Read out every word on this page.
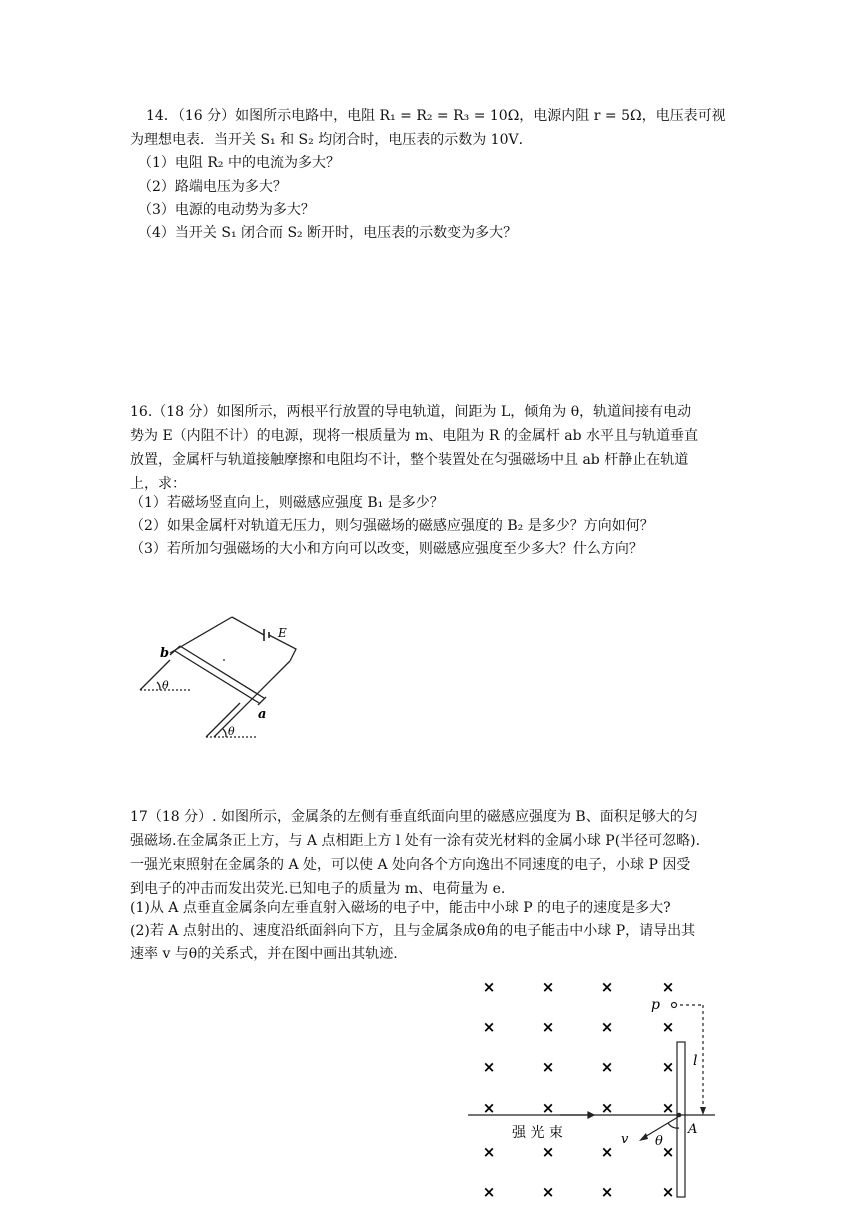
14．（16 分）如图所示电路中，电阻 R₁ = R₂ = R₃ = 10Ω，电源内阻 r = 5Ω，电压表可视
为理想电表．当开关 S₁ 和 S₂ 均闭合时，电压表的示数为 10V．
（1）电阻 R₂ 中的电流为多大？
（2）路端电压为多大？
（3）电源的电动势为多大？
（4）当开关 S₁ 闭合而 S₂ 断开时，电压表的示数变为多大？
16.（18 分）如图所示，两根平行放置的导电轨道，间距为 L，倾角为 θ，轨道间接有电动
势为 E（内阻不计）的电源，现将一根质量为 m、电阻为 R 的金属杆 ab 水平且与轨道垂直
放置，金属杆与轨道接触摩擦和电阻均不计，整个装置处在匀强磁场中且 ab 杆静止在轨道
上，求：
（1）若磁场竖直向上，则磁感应强度 B₁ 是多少？
（2）如果金属杆对轨道无压力，则匀强磁场的磁感应强度的 B₂ 是多少？方向如何？
（3）若所加匀强磁场的大小和方向可以改变，则磁感应强度至少多大？什么方向？
b
a
E
θ
θ
17（18 分）. 如图所示，金属条的左侧有垂直纸面向里的磁感应强度为 B、面积足够大的匀
强磁场.在金属条正上方，与 A 点相距上方 l 处有一涂有荧光材料的金属小球 P(半径可忽略).
一强光束照射在金属条的 A 处，可以使 A 处向各个方向逸出不同速度的电子，小球 P 因受
到电子的冲击而发出荧光.已知电子的质量为 m、电荷量为 e.
(1)从 A 点垂直金属条向左垂直射入磁场的电子中，能击中小球 P 的电子的速度是多大?
(2)若 A 点射出的、速度沿纸面斜向下方，且与金属条成θ角的电子能击中小球 P，请导出其
速率 v 与θ的关系式，并在图中画出其轨迹.
×	×	×	×
×	×	×	×
×	×	×	×
×	×	×	×
×	×	×	×
×	×	×	×
p
l
A
强 光 束	v θ
